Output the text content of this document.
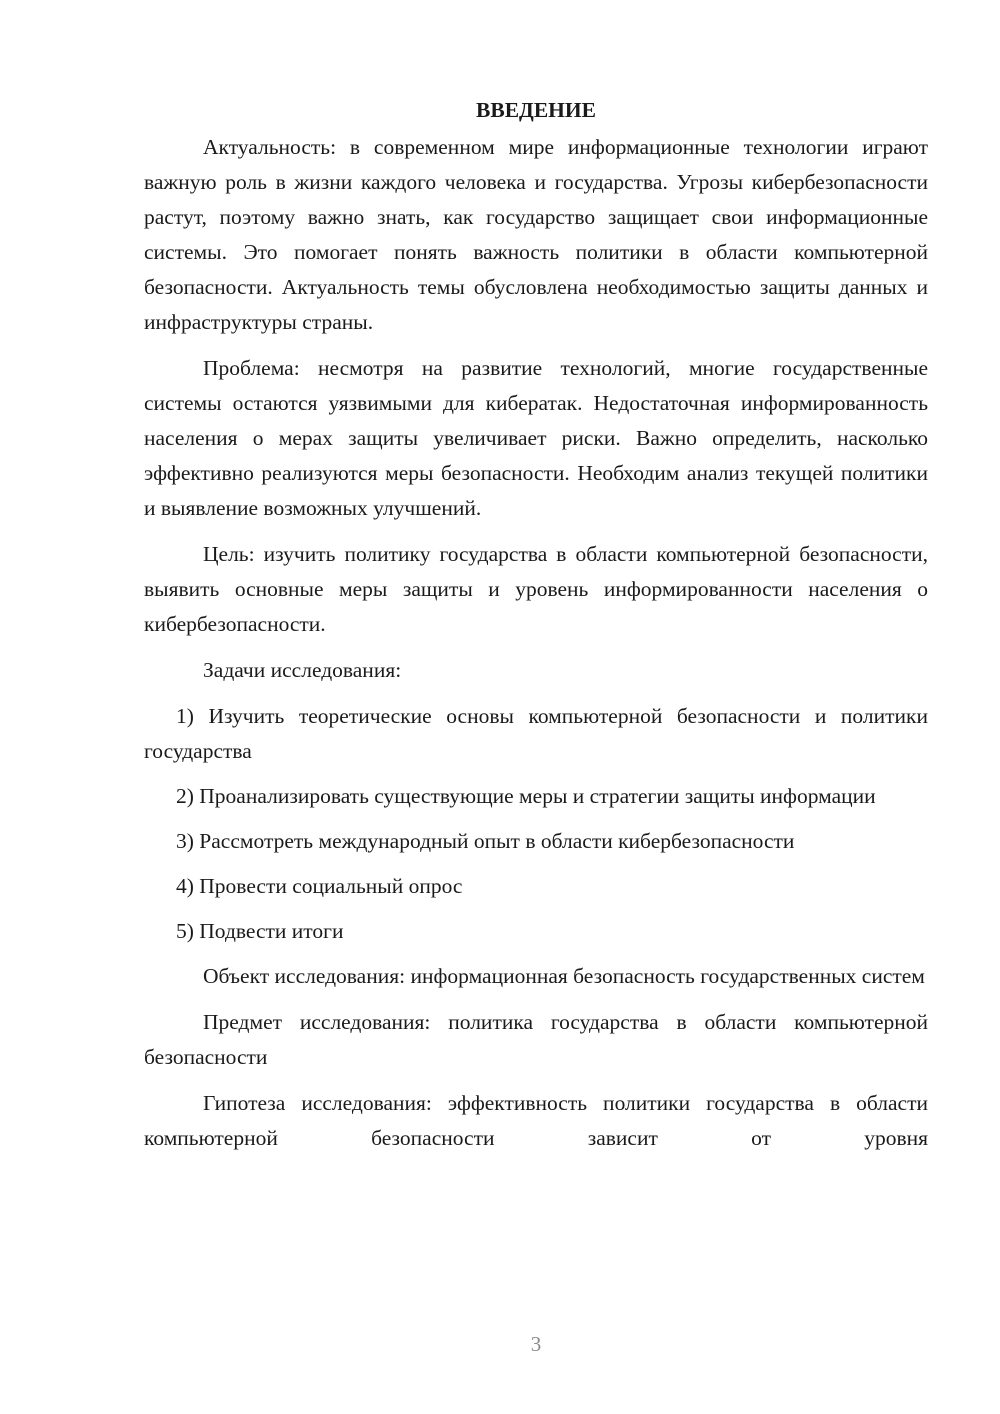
ВВЕДЕНИЕ

Актуальность: в современном мире информационные технологии играют важную роль в жизни каждого человека и государства. Угрозы кибербезопасности растут, поэтому важно знать, как государство защищает свои информационные системы. Это помогает понять важность политики в области компьютерной безопасности. Актуальность темы обусловлена необходимостью защиты данных и инфраструктуры страны.

Проблема: несмотря на развитие технологий, многие государственные системы остаются уязвимыми для кибератак. Недостаточная информированность населения о мерах защиты увеличивает риски. Важно определить, насколько эффективно реализуются меры безопасности. Необходим анализ текущей политики и выявление возможных улучшений.

Цель: изучить политику государства в области компьютерной безопасности, выявить основные меры защиты и уровень информированности населения о кибербезопасности.

Задачи исследования:

1) Изучить теоретические основы компьютерной безопасности и политики государства

2) Проанализировать существующие меры и стратегии защиты информации

3) Рассмотреть международный опыт в области кибербезопасности

4) Провести социальный опрос

5) Подвести итоги

Объект исследования: информационная безопасность государственных систем

Предмет исследования: политика государства в области компьютерной безопасности

Гипотеза исследования: эффективность политики государства в области компьютерной безопасности зависит от уровня

3
